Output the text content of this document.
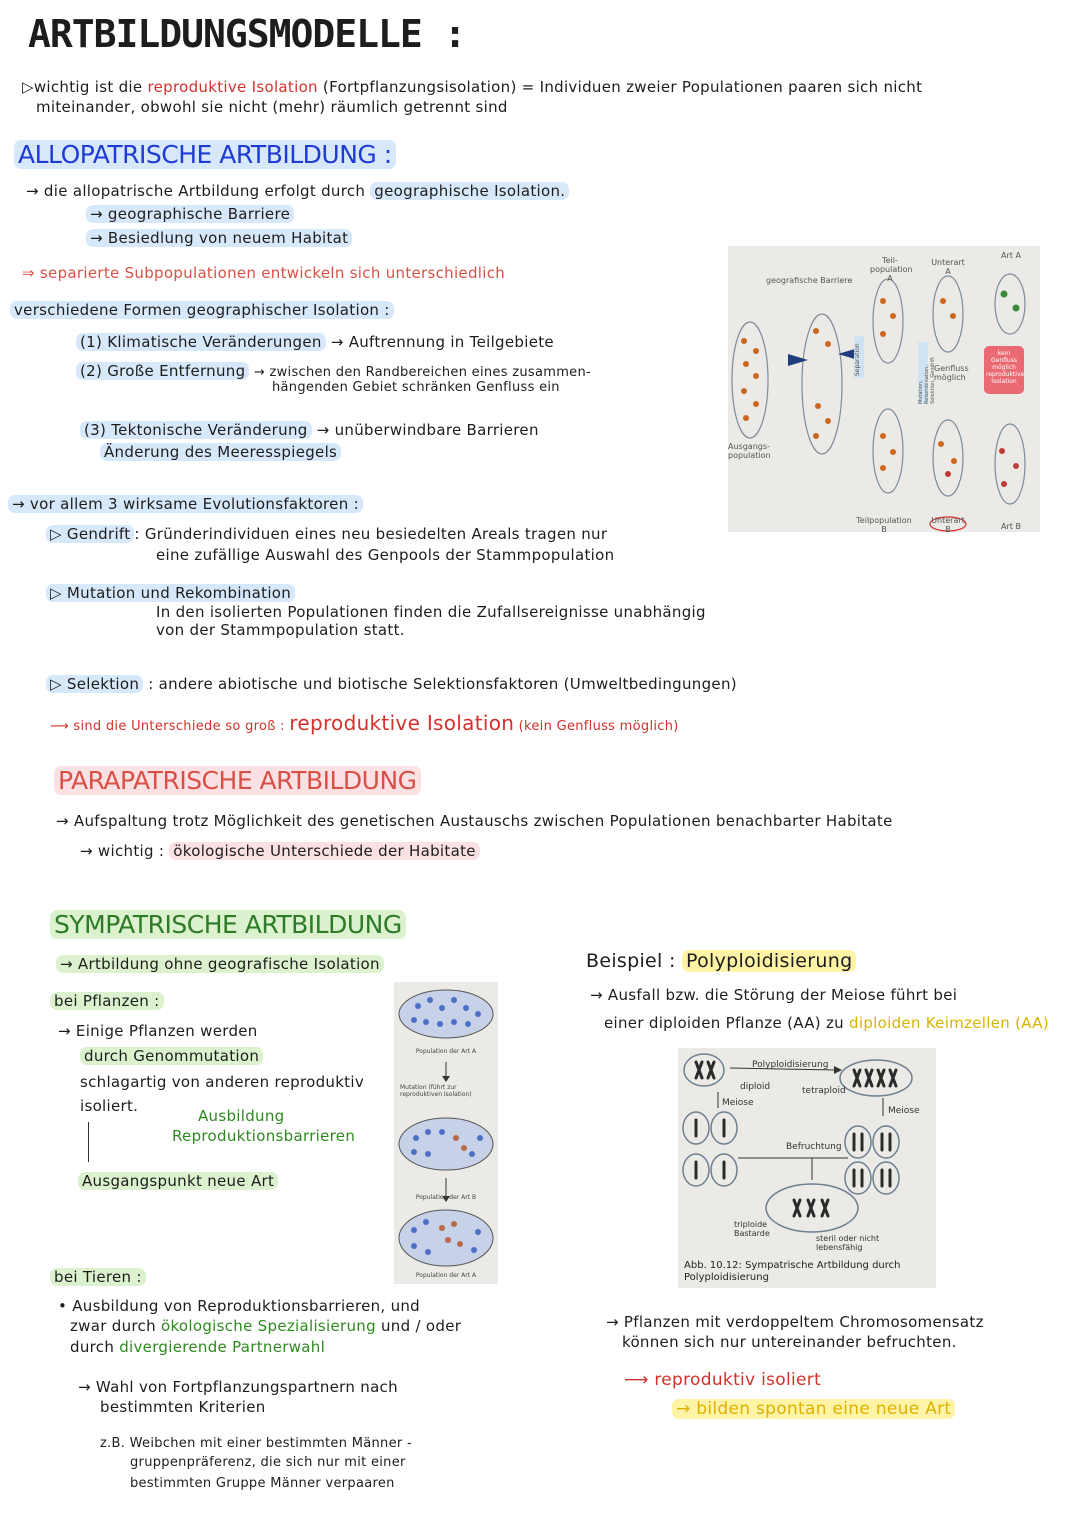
ARTBILDUNGSMODELLE :
▷wichtig ist die reproduktive Isolation (Fortpflanzungsisolation) = Individuen zweier Populationen paaren sich nicht
miteinander, obwohl sie nicht (mehr) räumlich getrennt sind
ALLOPATRISCHE ARTBILDUNG :
→ die allopatrische Artbildung erfolgt durch geographische Isolation.
→ geographische Barriere
→ Besiedlung von neuem Habitat
⇒ separierte Subpopulationen entwickeln sich unterschiedlich
verschiedene Formen geographischer Isolation :
(1) Klimatische Veränderungen → Auftrennung in Teilgebiete
(2) Große Entfernung → zwischen den Randbereichen eines zusammen-
hängenden Gebiet schränken Genfluss ein
(3) Tektonische Veränderung → unüberwindbare Barrieren
Änderung des Meeresspiegels
→ vor allem 3 wirksame Evolutionsfaktoren :
▷ Gendrift : Gründerindividuen eines neu besiedelten Areals tragen nur
eine zufällige Auswahl des Genpools der Stammpopulation
▷ Mutation und Rekombination
In den isolierten Populationen finden die Zufallsereignisse unabhängig
von der Stammpopulation statt.
▷ Selektion : andere abiotische und biotische Selektionsfaktoren (Umweltbedingungen)
⟶ sind die Unterschiede so groß : reproduktive Isolation (kein Genfluss möglich)
geografische Barriere
Ausgangs-population
Teil-population A
Teilpopulation B
Unterart A
Unterart B
Art A
Art B
Genfluss möglich
kein Genfluss möglich reproduktive Isolation
Separation
Mutation, Rekombination, Selektion, Gendrift
PARAPATRISCHE ARTBILDUNG
→ Aufspaltung trotz Möglichkeit des genetischen Austauschs zwischen Populationen benachbarter Habitate
→ wichtig : ökologische Unterschiede der Habitate
SYMPATRISCHE ARTBILDUNG
→ Artbildung ohne geografische Isolation
bei Pflanzen :
→ Einige Pflanzen werden
durch Genommutation
schlagartig von anderen reproduktiv
isoliert.
Ausbildung
Reproduktionsbarrieren
Ausgangspunkt neue Art
bei Tieren :
• Ausbildung von Reproduktionsbarrieren, und
zwar durch ökologische Spezialisierung und / oder
durch divergierende Partnerwahl
→ Wahl von Fortpflanzungspartnern nach
bestimmten Kriterien
z.B. Weibchen mit einer bestimmten Männer -
gruppenpräferenz, die sich nur mit einer
bestimmten Gruppe Männer verpaaren
Population der Art A
Mutation (führt zur reproduktiven Isolation)
Population der Art B
Population der Art A
Beispiel : Polyploidisierung
→ Ausfall bzw. die Störung der Meiose führt bei
einer diploiden Pflanze (AA) zu diploiden Keimzellen (AA)
Polyploidisierung
diploid	tetraploid
Meiose
Meiose
Befruchtung
triploide Bastarde
steril oder nicht lebensfähig
Abb. 10.12: Sympatrische Artbildung durch
Polyploidisierung
→ Pflanzen mit verdoppeltem Chromosomensatz
können sich nur untereinander befruchten.
⟶ reproduktiv isoliert
→ bilden spontan eine neue Art
